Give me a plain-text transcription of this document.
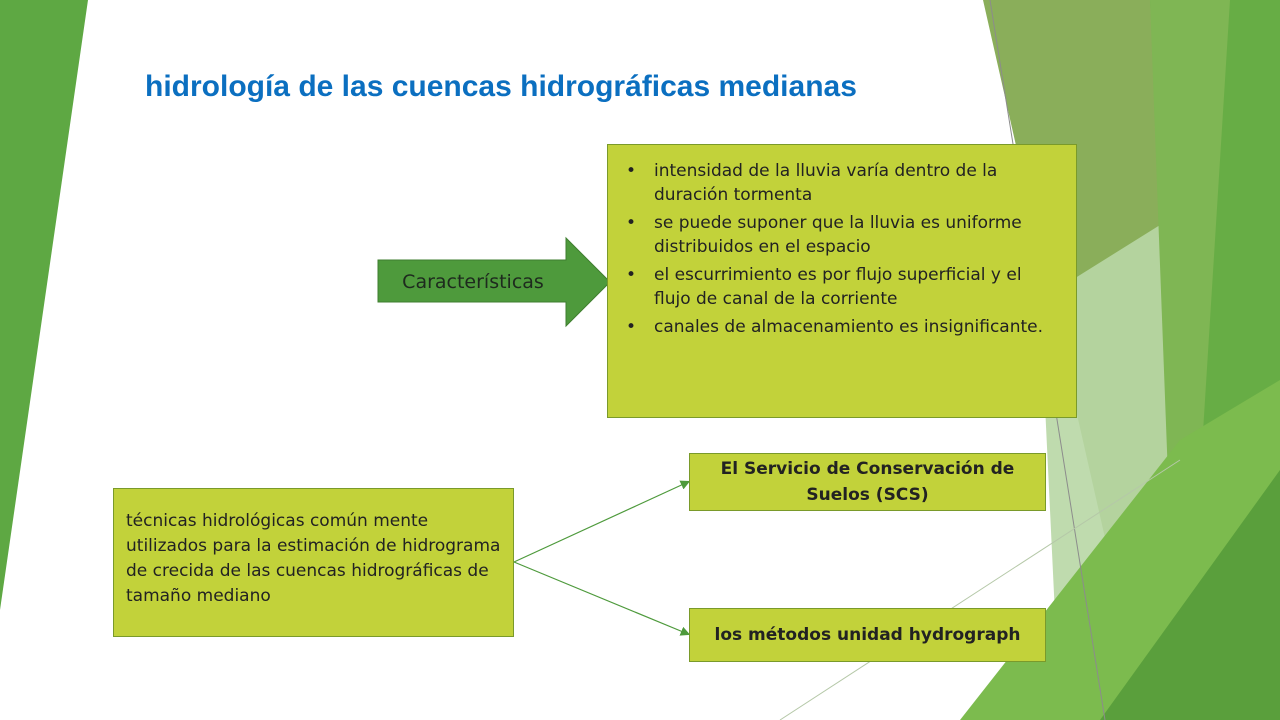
hidrología de las cuencas hidrográficas medianas
Características
• intensidad de la lluvia varía dentro de la duración tormenta
• se puede suponer que la lluvia es uniforme distribuidos en el espacio
• el escurrimiento es por flujo superficial y el flujo de canal de la corriente
• canales de almacenamiento es insignificante.
técnicas hidrológicas común mente utilizados para la estimación de hidrograma de crecida de las cuencas hidrográficas de tamaño mediano
El Servicio de Conservación de Suelos (SCS)
los métodos unidad hydrograph
